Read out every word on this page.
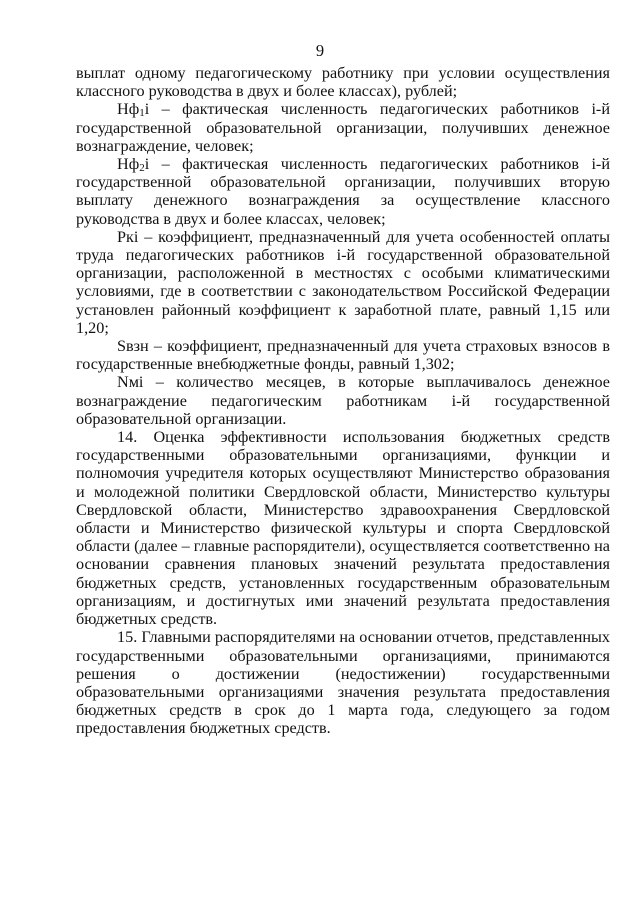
9

выплат одному педагогическому работнику при условии осуществления классного руководства в двух и более классах), рублей;

$Нф_1i$ – фактическая численность педагогических работников i-й государственной образовательной организации, получивших денежное вознаграждение, человек;

$Нф_2i$ – фактическая численность педагогических работников i-й государственной образовательной организации, получивших вторую выплату денежного вознаграждения за осуществление классного руководства в двух и более классах, человек;

Pкi – коэффициент, предназначенный для учета особенностей оплаты труда педагогических работников i-й государственной образовательной организации, расположенной в местностях с особыми климатическими условиями, где в соответствии с законодательством Российской Федерации установлен районный коэффициент к заработной плате, равный 1,15 или 1,20;

Sвзн – коэффициент, предназначенный для учета страховых взносов в государственные внебюджетные фонды, равный 1,302;

Nмi – количество месяцев, в которые выплачивалось денежное вознаграждение педагогическим работникам i-й государственной образовательной организации.

14. Оценка эффективности использования бюджетных средств государственными образовательными организациями, функции и полномочия учредителя которых осуществляют Министерство образования и молодежной политики Свердловской области, Министерство культуры Свердловской области, Министерство здравоохранения Свердловской области и Министерство физической культуры и спорта Свердловской области (далее – главные распорядители), осуществляется соответственно на основании сравнения плановых значений результата предоставления бюджетных средств, установленных государственным образовательным организациям, и достигнутых ими значений результата предоставления бюджетных средств.

15. Главными распорядителями на основании отчетов, представленных государственными образовательными организациями, принимаются решения о достижении (недостижении) государственными образовательными организациями значения результата предоставления бюджетных средств в срок до 1 марта года, следующего за годом предоставления бюджетных средств.
